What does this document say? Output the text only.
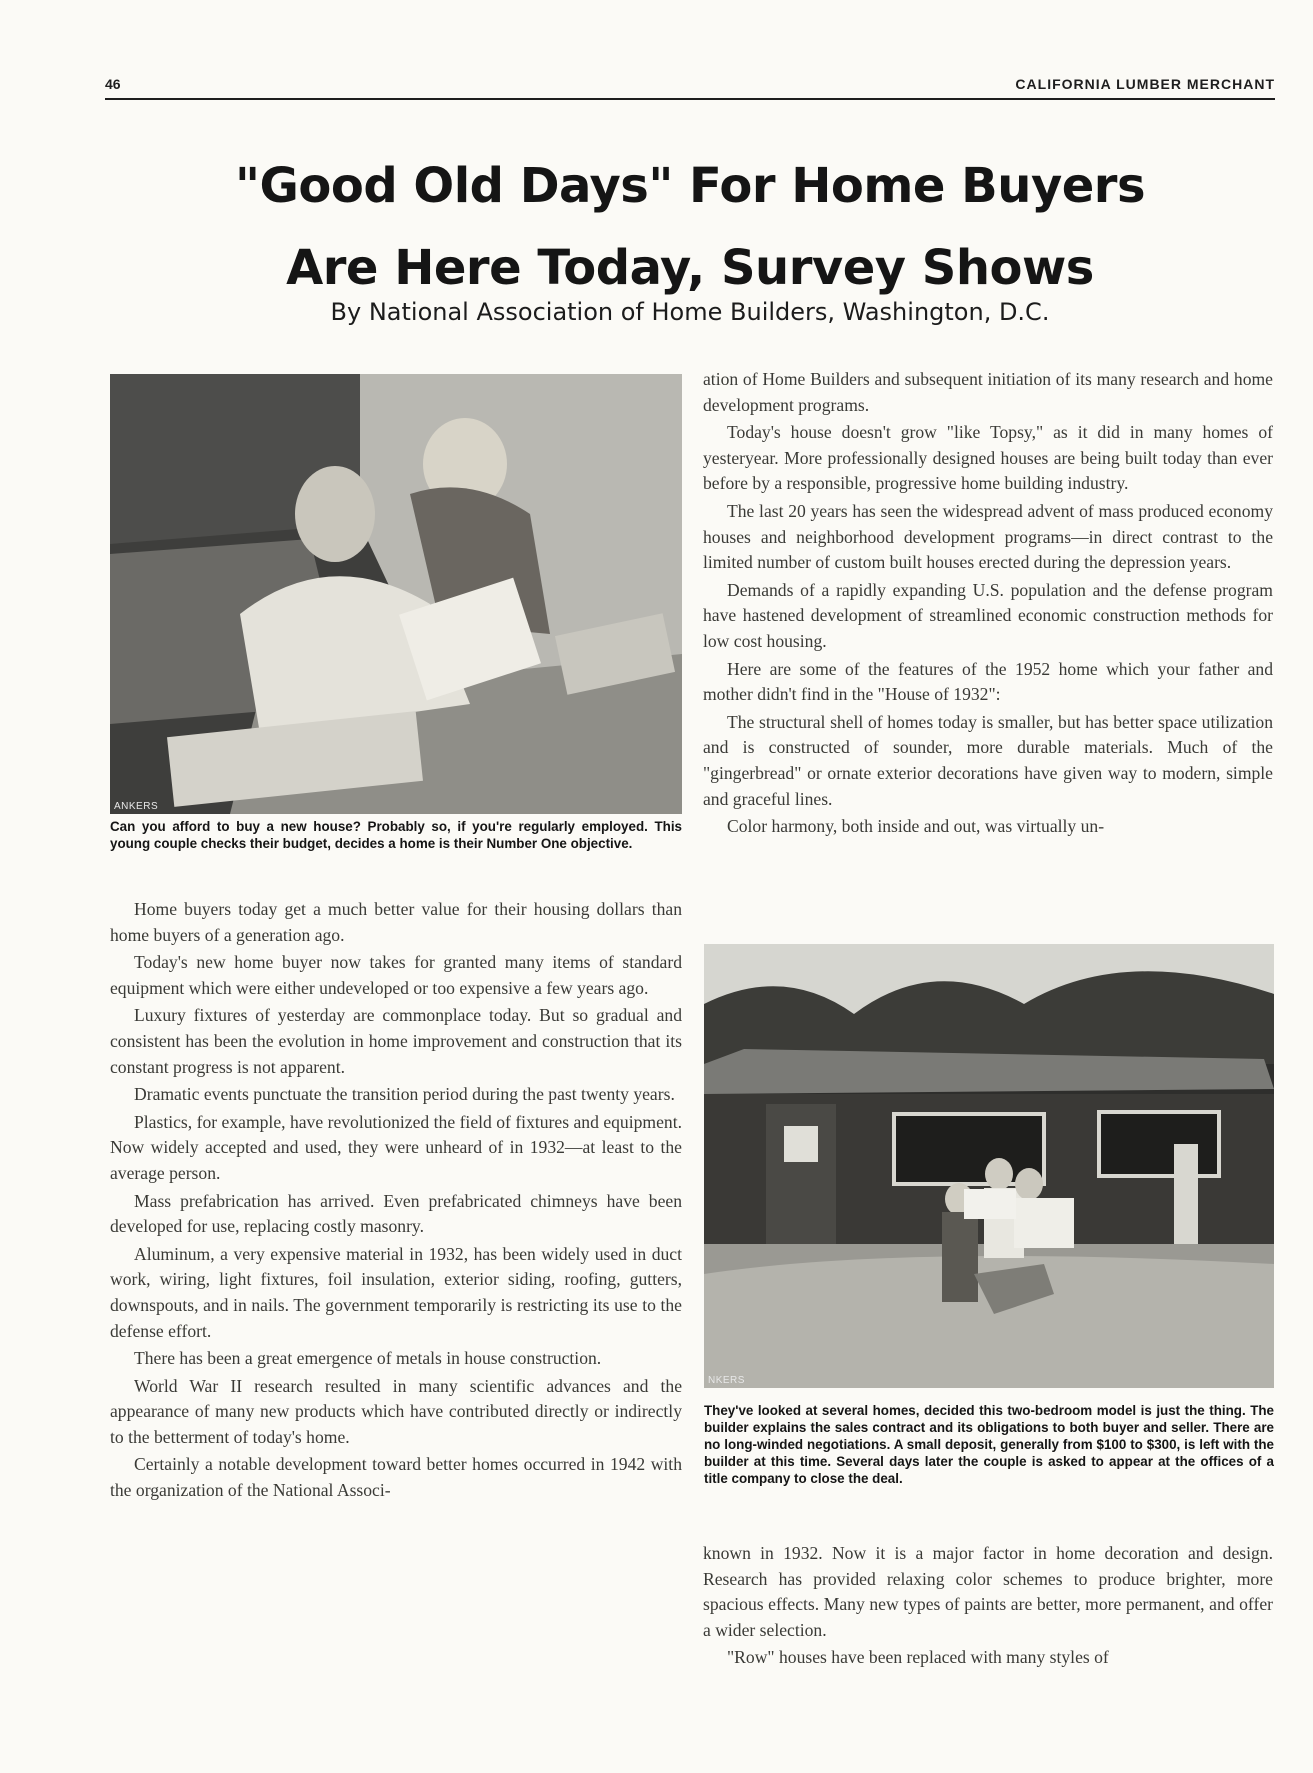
46	CALIFORNIA LUMBER MERCHANT
"Good Old Days" For Home Buyers
Are Here Today, Survey Shows
By National Association of Home Builders, Washington, D.C.
ANKERS
Can you afford to buy a new house? Probably so, if you're regularly employed. This young couple checks their budget, decides a home is their Number One objective.

Home buyers today get a much better value for their housing dollars than home buyers of a generation ago.

Today's new home buyer now takes for granted many items of standard equipment which were either undeveloped or too expensive a few years ago.

Luxury fixtures of yesterday are commonplace today. But so gradual and consistent has been the evolution in home improvement and construction that its constant progress is not apparent.

Dramatic events punctuate the transition period during the past twenty years.

Plastics, for example, have revolutionized the field of fixtures and equipment. Now widely accepted and used, they were unheard of in 1932—at least to the average person.

Mass prefabrication has arrived. Even prefabricated chimneys have been developed for use, replacing costly masonry.

Aluminum, a very expensive material in 1932, has been widely used in duct work, wiring, light fixtures, foil insulation, exterior siding, roofing, gutters, downspouts, and in nails. The government temporarily is restricting its use to the defense effort.

There has been a great emergence of metals in house construction.

World War II research resulted in many scientific advances and the appearance of many new products which have contributed directly or indirectly to the betterment of today's home.

Certainly a notable development toward better homes occurred in 1942 with the organization of the National Associ-

ation of Home Builders and subsequent initiation of its many research and home development programs.

Today's house doesn't grow "like Topsy," as it did in many homes of yesteryear. More professionally designed houses are being built today than ever before by a responsible, progressive home building industry.

The last 20 years has seen the widespread advent of mass produced economy houses and neighborhood development programs—in direct contrast to the limited number of custom built houses erected during the depression years.

Demands of a rapidly expanding U.S. population and the defense program have hastened development of streamlined economic construction methods for low cost housing.

Here are some of the features of the 1952 home which your father and mother didn't find in the "House of 1932":

The structural shell of homes today is smaller, but has better space utilization and is constructed of sounder, more durable materials. Much of the "gingerbread" or ornate exterior decorations have given way to modern, simple and graceful lines.

Color harmony, both inside and out, was virtually un-

NKERS
They've looked at several homes, decided this two-bedroom model is just the thing. The builder explains the sales contract and its obligations to both buyer and seller. There are no long-winded negotiations. A small deposit, generally from $100 to $300, is left with the builder at this time. Several days later the couple is asked to appear at the offices of a title company to close the deal.

known in 1932. Now it is a major factor in home decoration and design. Research has provided relaxing color schemes to produce brighter, more spacious effects. Many new types of paints are better, more permanent, and offer a wider selection.

"Row" houses have been replaced with many styles of
